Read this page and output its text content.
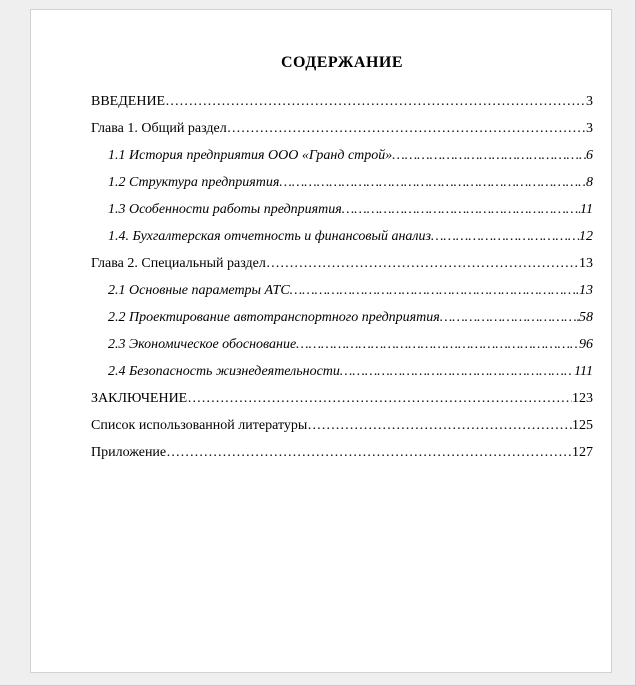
СОДЕРЖАНИЕ
ВВЕДЕНИЕ ……………………………………………………………………………………………………………………………………………………………………………………………………	3
Глава 1. Общий раздел ……………………………………………………………………………………………………………………………………………………………………………………………………	3
1.1 История предприятия ООО «Гранд строй» ……………………………………………………………………………………………………………………………………………………………………………………………………	6
1.2 Структура предприятия ……………………………………………………………………………………………………………………………………………………………………………………………………	8
1.3 Особенности работы предприятия ……………………………………………………………………………………………………………………………………………………………………………………………………	11
1.4. Бухгалтерская отчетность и финансовый анализ ……………………………………………………………………………………………………………………………………………………………………………………………………	12
Глава 2. Специальный раздел ……………………………………………………………………………………………………………………………………………………………………………………………………	13
2.1 Основные параметры АТС ……………………………………………………………………………………………………………………………………………………………………………………………………	13
2.2 Проектирование автотранспортного предприятия ……………………………………………………………………………………………………………………………………………………………………………………………………	58
2.3 Экономическое обоснование ……………………………………………………………………………………………………………………………………………………………………………………………………	96
2.4 Безопасность жизнедеятельности ……………………………………………………………………………………………………………………………………………………………………………………………………	111
ЗАКЛЮЧЕНИЕ ……………………………………………………………………………………………………………………………………………………………………………………………………	123
Список использованной литературы ……………………………………………………………………………………………………………………………………………………………………………………………………	125
Приложение ……………………………………………………………………………………………………………………………………………………………………………………………………	127
